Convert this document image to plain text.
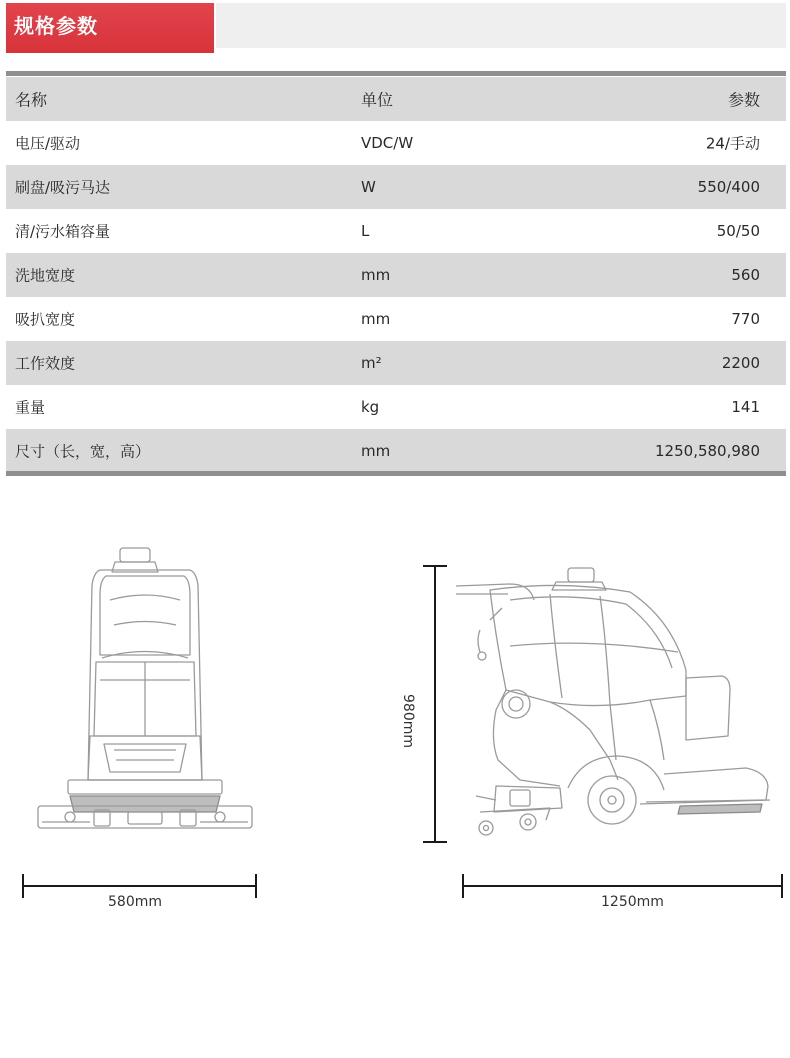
规格参数
名称	单位	参数
电压/驱动	VDC/W	24/手动
刷盘/吸污马达	W	550/400
清/污水箱容量	L	50/50
洗地宽度	mm	560
吸扒宽度	mm	770
工作效度	m²	2200
重量	kg	141
尺寸（长，宽，高）	mm	1250,580,980
580mm
980mm
1250mm
